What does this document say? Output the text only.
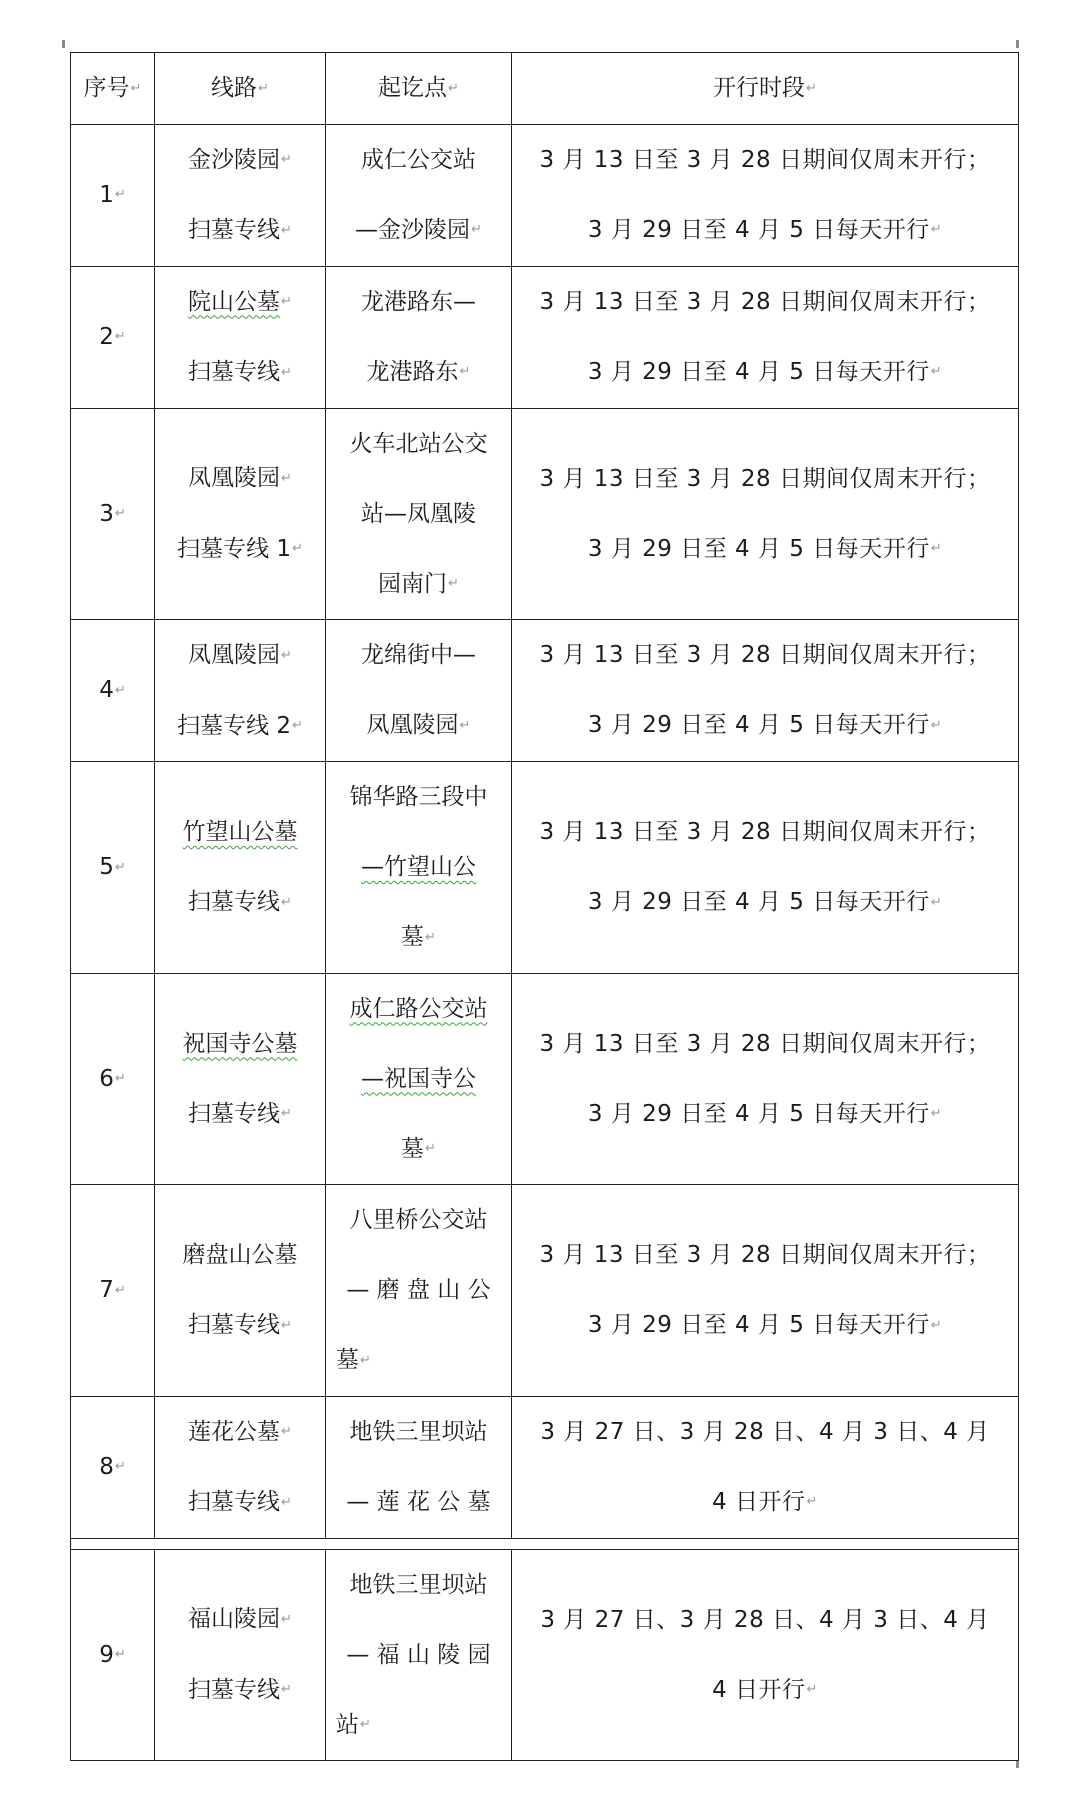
序号↵	线路↵	起讫点↵	开行时段↵
1↵	金沙陵园↵
扫墓专线↵	成仁公交站
—金沙陵园↵	3 月 13 日至 3 月 28 日期间仅周末开行；
3 月 29 日至 4 月 5 日每天开行↵

2↵	院山公墓↵
扫墓专线↵	龙港路东—
龙港路东↵	3 月 13 日至 3 月 28 日期间仅周末开行；
3 月 29 日至 4 月 5 日每天开行↵

3↵	凤凰陵园↵
扫墓专线 1↵	火车北站公交
站—凤凰陵
园南门↵	3 月 13 日至 3 月 28 日期间仅周末开行；
3 月 29 日至 4 月 5 日每天开行↵

4↵	凤凰陵园↵
扫墓专线 2↵	龙绵街中—
凤凰陵园↵	3 月 13 日至 3 月 28 日期间仅周末开行；
3 月 29 日至 4 月 5 日每天开行↵

5↵	竹望山公墓
扫墓专线↵	锦华路三段中
—竹望山公
墓↵	3 月 13 日至 3 月 28 日期间仅周末开行；
3 月 29 日至 4 月 5 日每天开行↵

6↵	祝国寺公墓
扫墓专线↵	成仁路公交站
—祝国寺公
墓↵	3 月 13 日至 3 月 28 日期间仅周末开行；
3 月 29 日至 4 月 5 日每天开行↵

7↵	磨盘山公墓
扫墓专线↵	八里桥公交站
— 磨 盘 山 公
墓↵	3 月 13 日至 3 月 28 日期间仅周末开行；
3 月 29 日至 4 月 5 日每天开行↵

8↵	莲花公墓↵
扫墓专线↵	地铁三里坝站
— 莲 花 公 墓	3 月 27 日、3 月 28 日、4 月 3 日、4 月
4 日开行↵

9↵	福山陵园↵
扫墓专线↵	地铁三里坝站
— 福 山 陵 园
站↵	3 月 27 日、3 月 28 日、4 月 3 日、4 月
4 日开行↵
